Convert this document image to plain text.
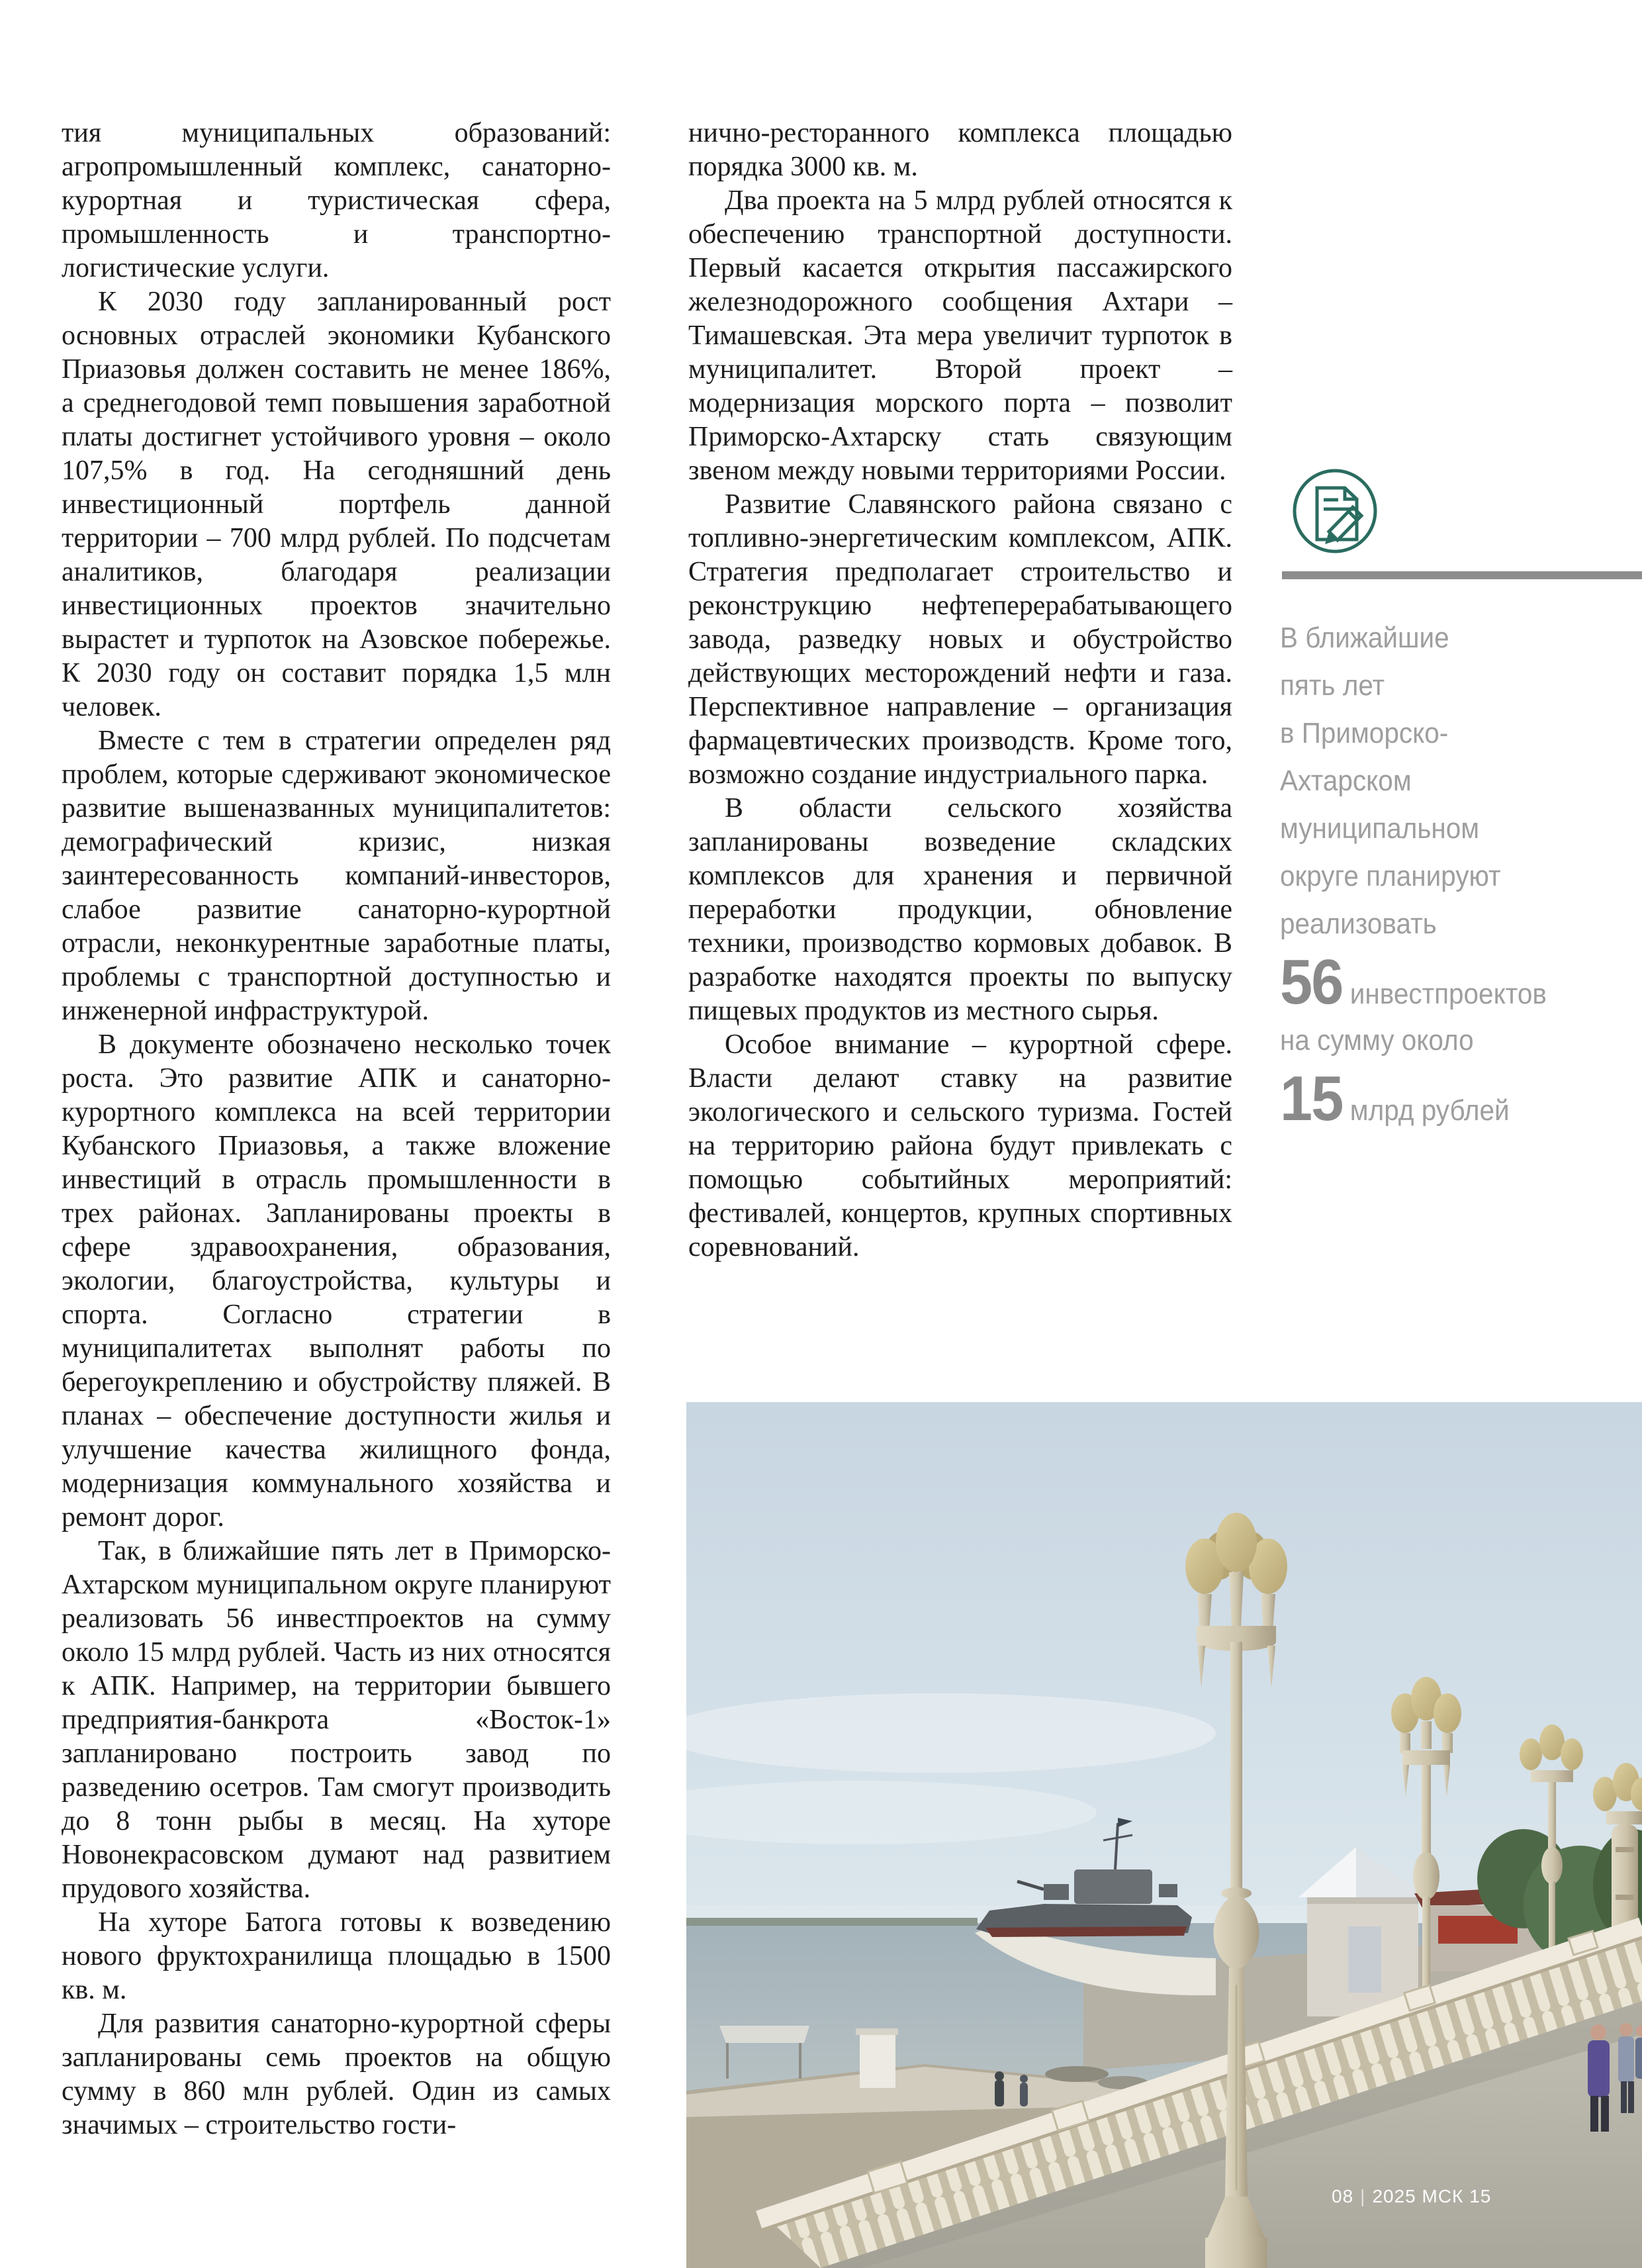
тия муниципальных образований: агропромышленный комплекс, санаторно-курортная и туристическая сфера, промышленность и транспортно-логистические услуги.

К 2030 году запланированный рост основных отраслей экономики Кубанского Приазовья должен составить не менее 186%, а среднегодовой темп повышения заработной платы достигнет устойчивого уровня – около 107,5% в год. На сегодняшний день инвестиционный портфель данной территории – 700 млрд рублей. По подсчетам аналитиков, благодаря реализации инвестиционных проектов значительно вырастет и турпоток на Азовское побережье. К 2030 году он составит порядка 1,5 млн человек.

Вместе с тем в стратегии определен ряд проблем, которые сдерживают экономическое развитие вышеназванных муниципалитетов: демографический кризис, низкая заинтересованность компаний-инвесторов, слабое развитие санаторно-курортной отрасли, неконкурентные заработные платы, проблемы с транспортной доступностью и инженерной инфраструктурой.

В документе обозначено несколько точек роста. Это развитие АПК и санаторно-курортного комплекса на всей территории Кубанского Приазовья, а также вложение инвестиций в отрасль промышленности в трех районах. Запланированы проекты в сфере здравоохранения, образования, экологии, благоустройства, культуры и спорта. Согласно стратегии в муниципалитетах выполнят работы по берегоукреплению и обустройству пляжей. В планах – обеспечение доступности жилья и улучшение качества жилищного фонда, модернизация коммунального хозяйства и ремонт дорог.

Так, в ближайшие пять лет в Приморско-Ахтарском муниципальном округе планируют реализовать 56 инвестпроектов на сумму около 15 млрд рублей. Часть из них относятся к АПК. Например, на территории бывшего предприятия-банкрота «Восток-1» запланировано построить завод по разведению осетров. Там смогут производить до 8 тонн рыбы в месяц. На хуторе Новонекрасовском думают над развитием прудового хозяйства.

На хуторе Батога готовы к возведению нового фруктохранилища площадью в 1500 кв. м.

Для развития санаторно-курортной сферы запланированы семь проектов на общую сумму в 860 млн рублей. Один из самых значимых – строительство гости-

нично-ресторанного комплекса площадью порядка 3000 кв. м.

Два проекта на 5 млрд рублей относятся к обеспечению транспортной доступности. Первый касается открытия пассажирского железнодорожного сообщения Ахтари – Тимашевская. Эта мера увеличит турпоток в муниципалитет. Второй проект – модернизация морского порта – позволит Приморско-Ахтарску стать связующим звеном между новыми территориями России.

Развитие Славянского района связано с топливно-энергетическим комплексом, АПК. Стратегия предполагает строительство и реконструкцию нефтеперерабатывающего завода, разведку новых и обустройство действующих месторождений нефти и газа. Перспективное направление – организация фармацевтических производств. Кроме того, возможно создание индустриального парка.

В области сельского хозяйства запланированы возведение складских комплексов для хранения и первичной переработки продукции, обновление техники, производство кормовых добавок. В разработке находятся проекты по выпуску пищевых продуктов из местного сырья.

Особое внимание – курортной сфере. Власти делают ставку на развитие экологического и сельского туризма. Гостей на территорию района будут привлекать с помощью событийных мероприятий: фестивалей, концертов, крупных спортивных соревнований.

В ближайшие
пять лет
в Приморско-
Ахтарском
муниципальном
округе планируют
реализовать
56 инвестпроектов
на сумму около
15 млрд рублей
08 | 2025 МСК 15
